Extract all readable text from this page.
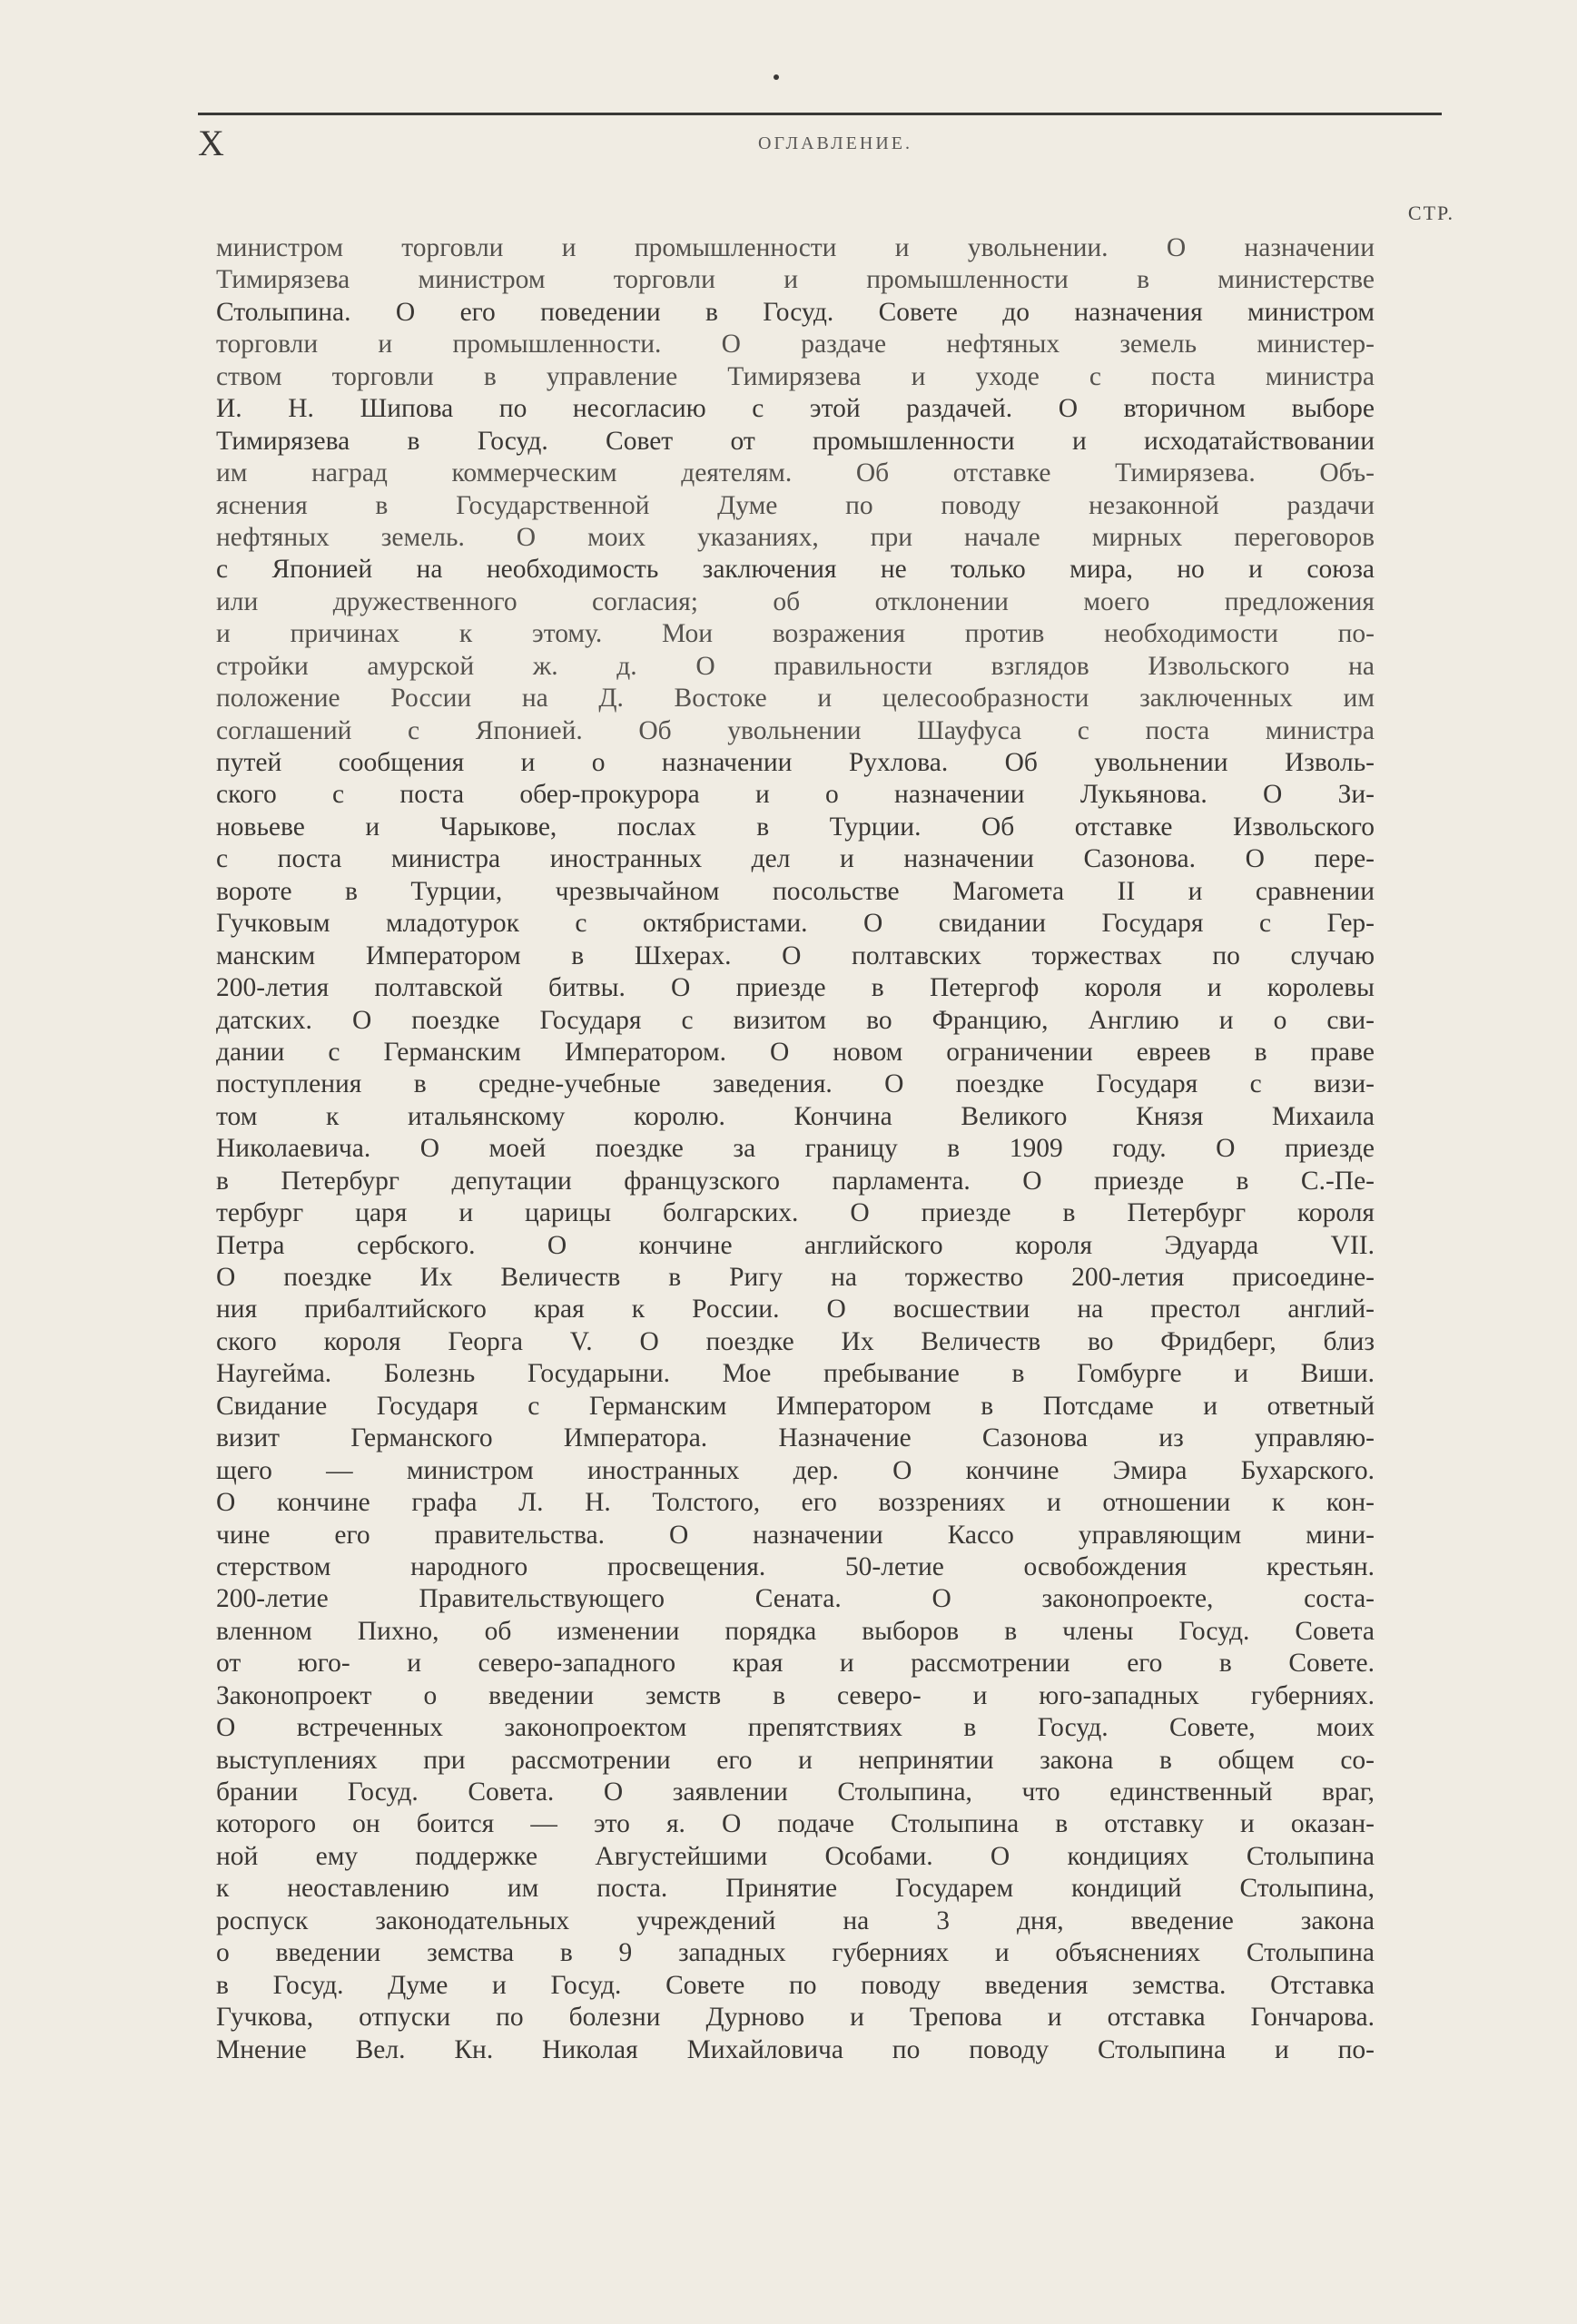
X	ОГЛАВЛЕНИЕ.
СТР.
министром торговли и промышленности и увольнении. О назначении
Тимирязева министром торговли и промышленности в министерстве
Столыпина. О его поведении в Госуд. Совете до назначения министром
торговли и промышленности. О раздаче нефтяных земель министер-
ством торговли в управление Тимирязева и уходе с поста министра
И. Н. Шипова по несогласию с этой раздачей. О вторичном выборе
Тимирязева в Госуд. Совет от промышленности и исходатайствовании
им наград коммерческим деятелям. Об отставке Тимирязева. Объ-
яснения в Государственной Думе по поводу незаконной раздачи
нефтяных земель. О моих указаниях, при начале мирных переговоров
с Японией на необходимость заключения не только мира, но и союза
или дружественного согласия; об отклонении моего предложения
и причинах к этому. Мои возражения против необходимости по-
стройки амурской ж. д. О правильности взглядов Извольского на
положение России на Д. Востоке и целесообразности заключенных им
соглашений с Японией. Об увольнении Шауфуса с поста министра
путей сообщения и о назначении Рухлова. Об увольнении Изволь-
ского с поста обер-прокурора и о назначении Лукьянова. О Зи-
новьеве и Чарыкове, послах в Турции. Об отставке Извольского
с поста министра иностранных дел и назначении Сазонова. О пере-
вороте в Турции, чрезвычайном посольстве Магомета II и сравнении
Гучковым младотурок с октябристами. О свидании Государя с Гер-
манским Императором в Шхерах. О полтавских торжествах по случаю
200-летия полтавской битвы. О приезде в Петергоф короля и королевы
датских. О поездке Государя с визитом во Францию, Англию и о сви-
дании с Германским Императором. О новом ограничении евреев в праве
поступления в средне-учебные заведения. О поездке Государя с визи-
том к итальянскому королю. Кончина Великого Князя Михаила
Николаевича. О моей поездке за границу в 1909 году. О приезде
в Петербург депутации французского парламента. О приезде в С.-Пе-
тербург царя и царицы болгарских. О приезде в Петербург короля
Петра сербского. О кончине английского короля Эдуарда VII.
О поездке Их Величеств в Ригу на торжество 200-летия присоедине-
ния прибалтийского края к России. О восшествии на престол англий-
ского короля Георга V. О поездке Их Величеств во Фридберг, близ
Наугейма. Болезнь Государыни. Мое пребывание в Гомбурге и Виши.
Свидание Государя с Германским Императором в Потсдаме и ответный
визит Германского Императора. Назначение Сазонова из управляю-
щего — министром иностранных дер. О кончине Эмира Бухарского.
О кончине графа Л. Н. Толстого, его воззрениях и отношении к кон-
чине его правительства. О назначении Кассо управляющим мини-
стерством народного просвещения. 50-летие освобождения крестьян.
200-летие Правительствующего Сената. О законопроекте, соста-
вленном Пихно, об изменении порядка выборов в члены Госуд. Совета
от юго- и северо-западного края и рассмотрении его в Совете.
Законопроект о введении земств в северо- и юго-западных губерниях.
О встреченных законопроектом препятствиях в Госуд. Совете, моих
выступлениях при рассмотрении его и непринятии закона в общем со-
брании Госуд. Совета. О заявлении Столыпина, что единственный враг,
которого он боится — это я. О подаче Столыпина в отставку и оказан-
ной ему поддержке Августейшими Особами. О кондициях Столыпина
к неоставлению им поста. Принятие Государем кондиций Столыпина,
роспуск законодательных учреждений на 3 дня, введение закона
о введении земства в 9 западных губерниях и объяснениях Столыпина
в Госуд. Думе и Госуд. Совете по поводу введения земства. Отставка
Гучкова, отпуски по болезни Дурново и Трепова и отставка Гончарова.
Мнение Вел. Кн. Николая Михайловича по поводу Столыпина и по-
